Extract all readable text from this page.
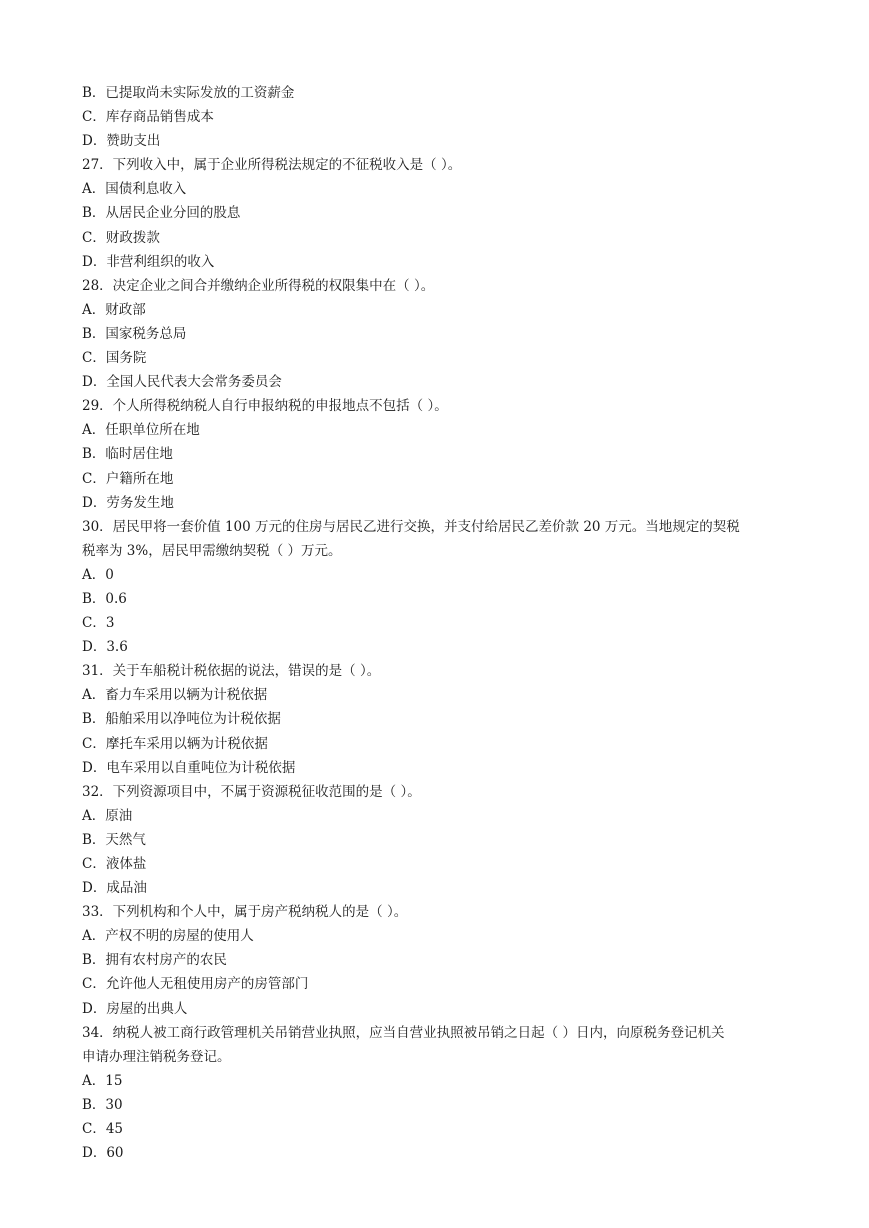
B．已提取尚未实际发放的工资薪金
C．库存商品销售成本
D．赞助支出
27．下列收入中，属于企业所得税法规定的不征税收入是（ ）。
A．国债利息收入
B．从居民企业分回的股息
C．财政拨款
D．非营利组织的收入
28．决定企业之间合并缴纳企业所得税的权限集中在（ ）。
A．财政部
B．国家税务总局
C．国务院
D．全国人民代表大会常务委员会
29．个人所得税纳税人自行申报纳税的申报地点不包括（ ）。
A．任职单位所在地
B．临时居住地
C．户籍所在地
D．劳务发生地
30．居民甲将一套价值 100 万元的住房与居民乙进行交换，并支付给居民乙差价款 20 万元。当地规定的契税
税率为 3%，居民甲需缴纳契税（ ）万元。
A．0
B．0.6
C．3
D．3.6
31．关于车船税计税依据的说法，错误的是（ ）。
A．畜力车采用以辆为计税依据
B．船舶采用以净吨位为计税依据
C．摩托车采用以辆为计税依据
D．电车采用以自重吨位为计税依据
32．下列资源项目中，不属于资源税征收范围的是（ ）。
A．原油
B．天然气
C．液体盐
D．成品油
33．下列机构和个人中，属于房产税纳税人的是（ ）。
A．产权不明的房屋的使用人
B．拥有农村房产的农民
C．允许他人无租使用房产的房管部门
D．房屋的出典人
34．纳税人被工商行政管理机关吊销营业执照，应当自营业执照被吊销之日起（ ）日内，向原税务登记机关
申请办理注销税务登记。
A．15
B．30
C．45
D．60
